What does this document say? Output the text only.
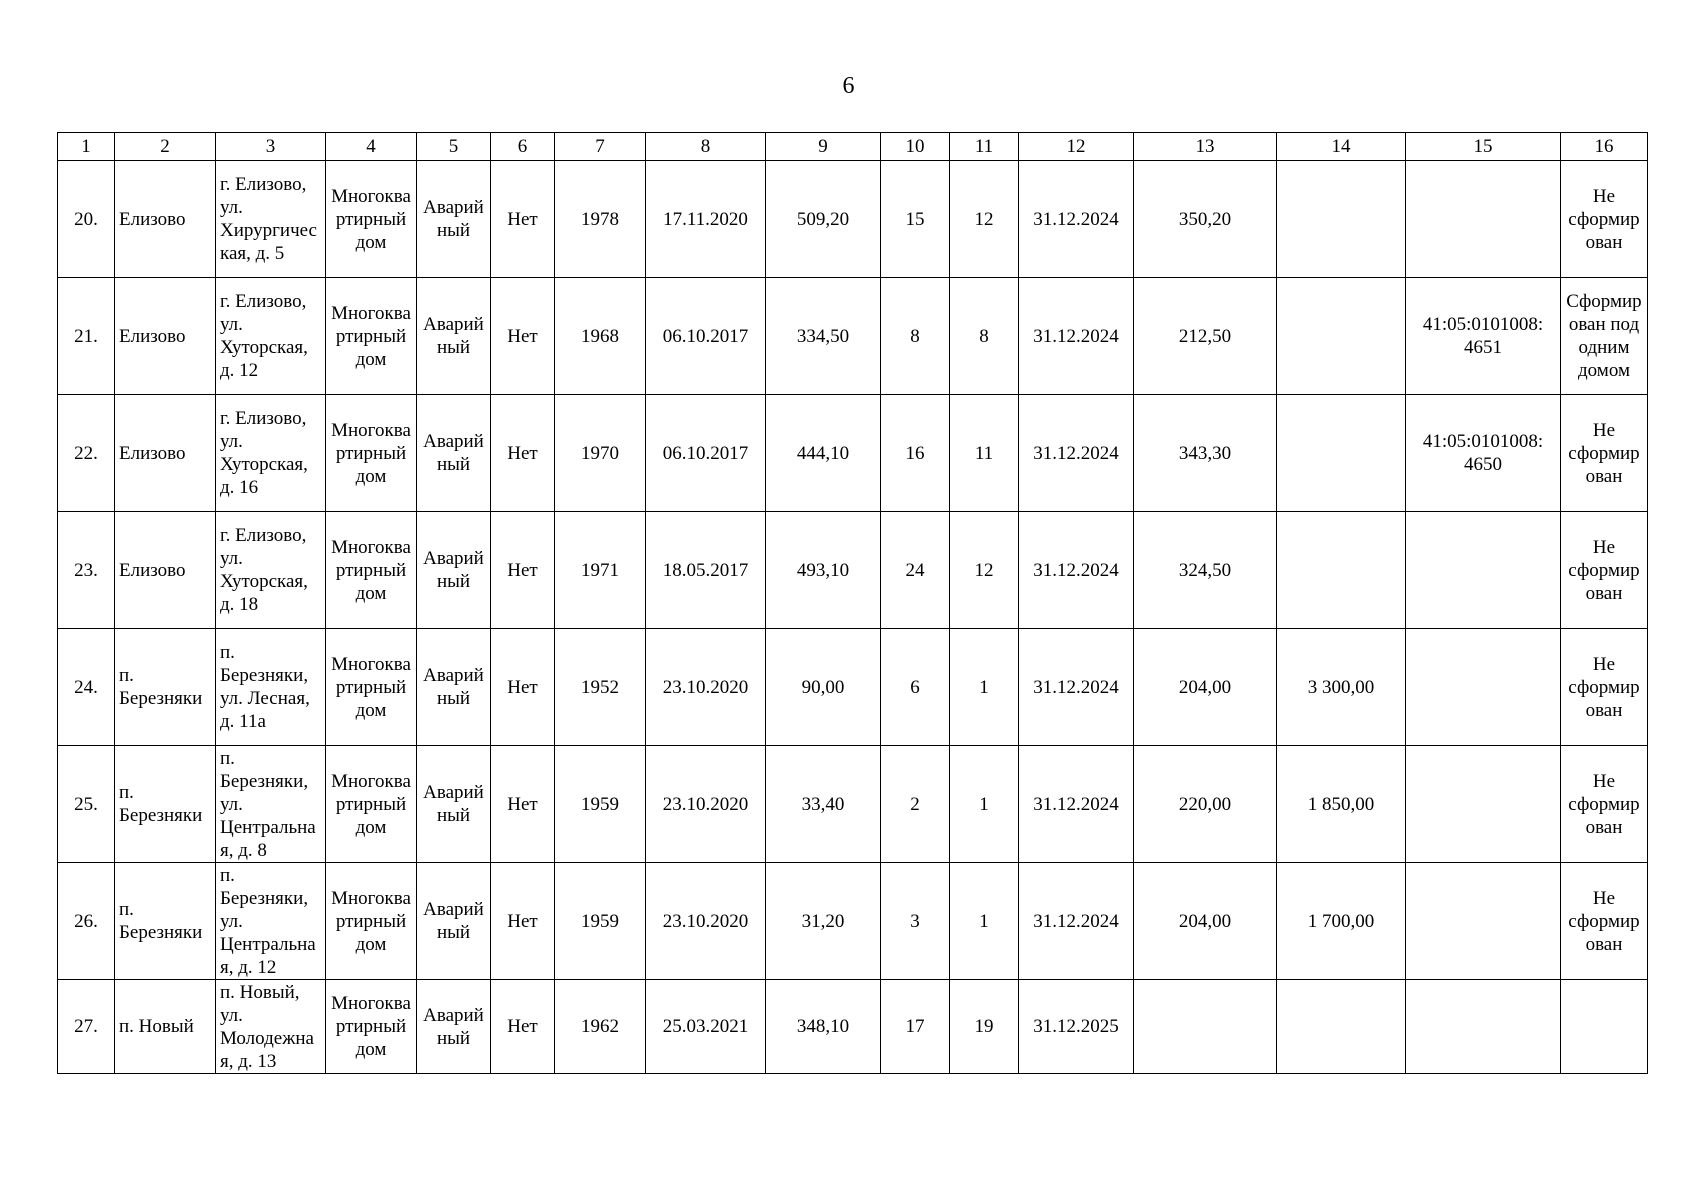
6
1	2	3	4	5	6	7	8	9	10	11	12	13	14	15	16
20.	Елизово	г. Елизово, ул. Хирургическая, д. 5	Многоквартирный дом	Аварийный	Нет	1978	17.11.2020	509,20	15	12	31.12.2024	350,20			Не сформирован
21.	Елизово	г. Елизово, ул. Хуторская, д. 12	Многоквартирный дом	Аварийный	Нет	1968	06.10.2017	334,50	8	8	31.12.2024	212,50		41:05:0101008: 4651	Сформирован под одним домом
22.	Елизово	г. Елизово, ул. Хуторская, д. 16	Многоквартирный дом	Аварийный	Нет	1970	06.10.2017	444,10	16	11	31.12.2024	343,30		41:05:0101008: 4650	Не сформирован
23.	Елизово	г. Елизово, ул. Хуторская, д. 18	Многоквартирный дом	Аварийный	Нет	1971	18.05.2017	493,10	24	12	31.12.2024	324,50			Не сформирован
24.	п. Березняки	п. Березняки, ул. Лесная, д. 11а	Многоквартирный дом	Аварийный	Нет	1952	23.10.2020	90,00	6	1	31.12.2024	204,00	3 300,00		Не сформирован
25.	п. Березняки	п. Березняки, ул. Центральная, д. 8	Многоквартирный дом	Аварийный	Нет	1959	23.10.2020	33,40	2	1	31.12.2024	220,00	1 850,00		Не сформирован
26.	п. Березняки	п. Березняки, ул. Центральная, д. 12	Многоквартирный дом	Аварийный	Нет	1959	23.10.2020	31,20	3	1	31.12.2024	204,00	1 700,00		Не сформирован
27.	п. Новый	п. Новый, ул. Молодежная, д. 13	Многоквартирный дом	Аварийный	Нет	1962	25.03.2021	348,10	17	19	31.12.2025				
